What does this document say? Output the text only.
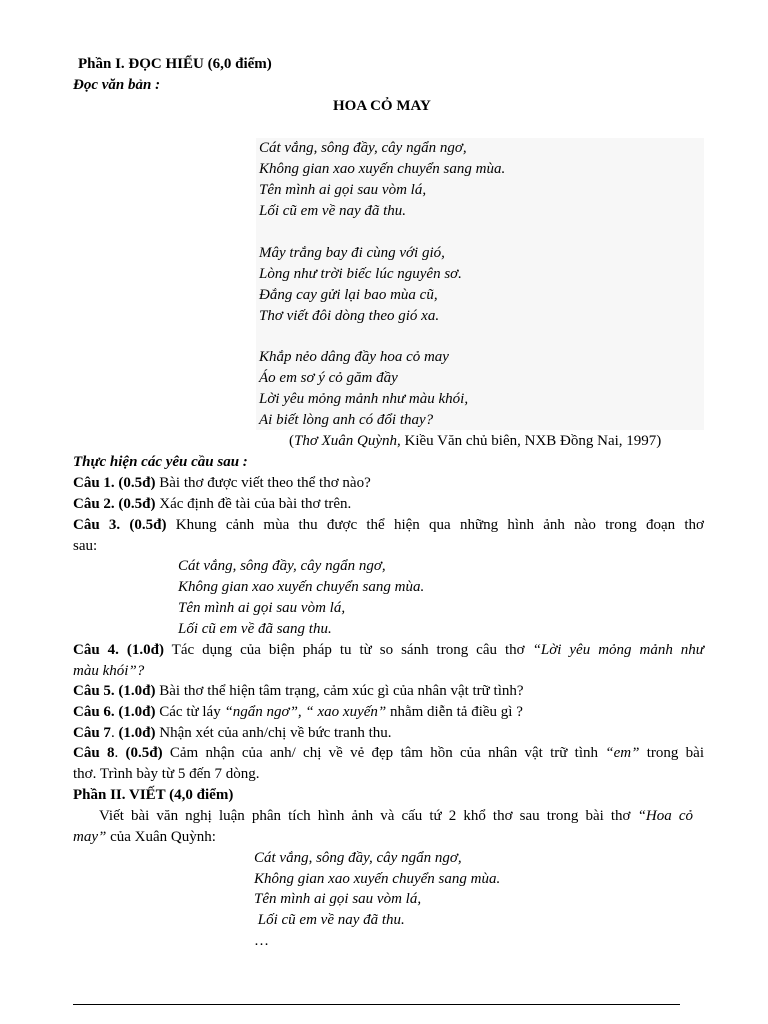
Phần I. ĐỌC HIỂU (6,0 điểm)
Đọc văn bản :
HOA CỎ MAY
Cát vắng, sông đầy, cây ngẩn ngơ,
Không gian xao xuyến chuyển sang mùa.
Tên mình ai gọi sau vòm lá,
Lối cũ em về nay đã thu.
Mây trắng bay đi cùng với gió,
Lòng như trời biếc lúc nguyên sơ.
Đắng cay gửi lại bao mùa cũ,
Thơ viết đôi dòng theo gió xa.
Khắp nẻo dâng đầy hoa cỏ may
Áo em sơ ý cỏ găm đầy
Lời yêu mỏng mảnh như màu khói,
Ai biết lòng anh có đổi thay?
(Thơ Xuân Quỳnh, Kiều Văn chủ biên, NXB Đồng Nai, 1997)
Thực hiện các yêu cầu sau :
Câu 1. (0.5đ) Bài thơ được viết theo thể thơ nào?
Câu 2. (0.5đ) Xác định đề tài của bài thơ trên.
Câu 3. (0.5đ) Khung cảnh mùa thu được thể hiện qua những hình ảnh nào trong đoạn thơ
sau:
Cát vắng, sông đầy, cây ngẩn ngơ,
Không gian xao xuyến chuyển sang mùa.
Tên mình ai gọi sau vòm lá,
Lối cũ em về đã sang thu.
Câu 4. (1.0đ) Tác dụng của biện pháp tu từ so sánh trong câu thơ “Lời yêu mỏng mảnh như
màu khói”?
Câu 5. (1.0đ) Bài thơ thể hiện tâm trạng, cảm xúc gì của nhân vật trữ tình?
Câu 6. (1.0đ) Các từ láy “ngẩn ngơ”, “ xao xuyến” nhằm diễn tả điều gì ?
Câu 7. (1.0đ) Nhận xét của anh/chị về bức tranh thu.
Câu 8. (0.5đ) Cảm nhận của anh/ chị về vẻ đẹp tâm hồn của nhân vật trữ tình “em” trong bài
thơ. Trình bày từ 5 đến 7 dòng.
Phần II. VIẾT (4,0 điểm)
Viết bài văn nghị luận phân tích hình ảnh và cấu tứ 2 khổ thơ sau trong bài thơ “Hoa cỏ
may” của Xuân Quỳnh:
Cát vắng, sông đầy, cây ngẩn ngơ,
Không gian xao xuyến chuyển sang mùa.
Tên mình ai gọi sau vòm lá,
Lối cũ em về nay đã thu.
…
